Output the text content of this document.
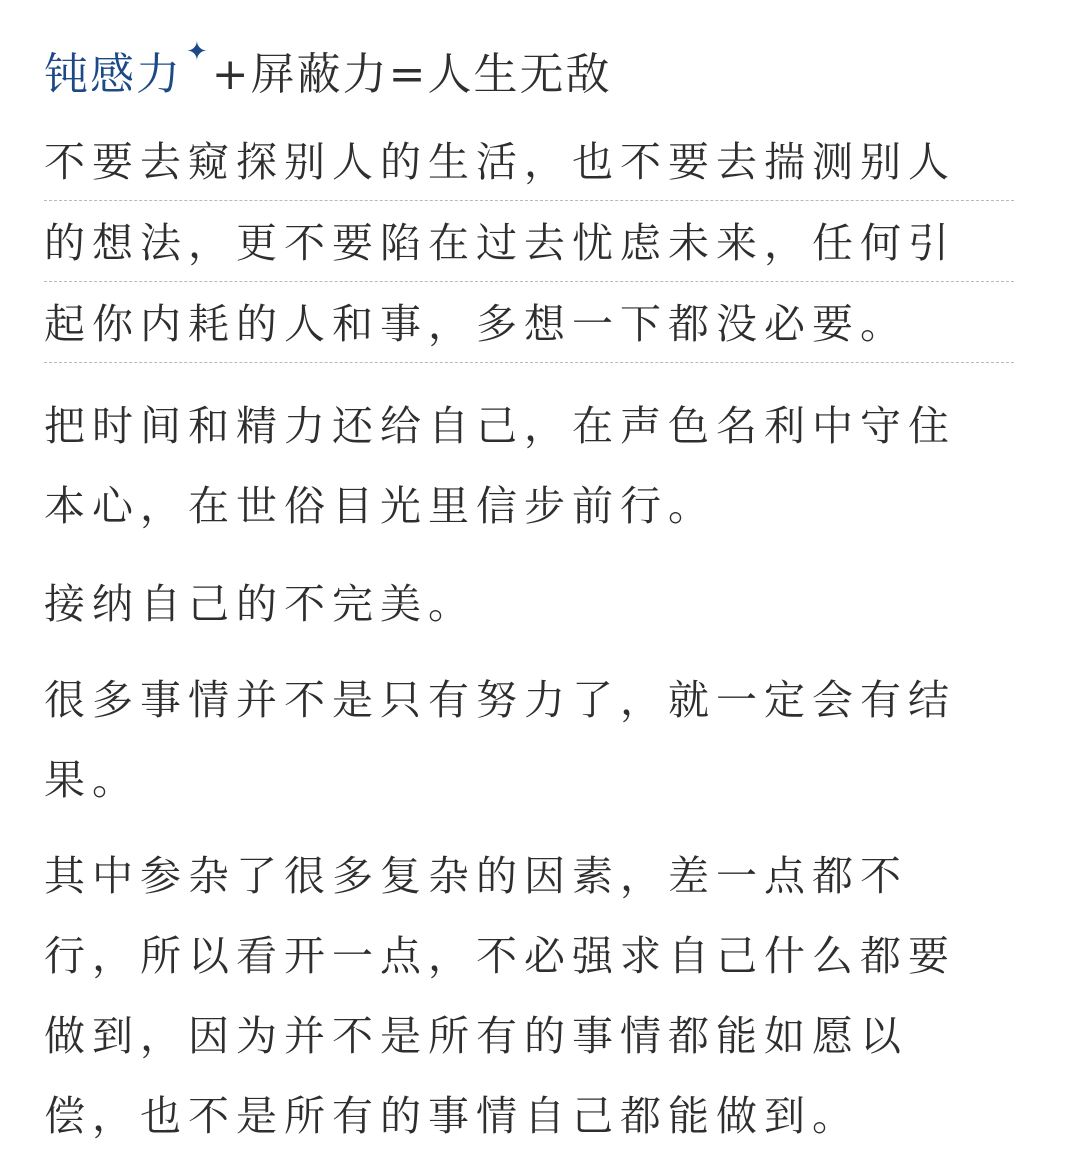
钝感力 ✦ +屏蔽力=人生无敌
不要去窥探别人的生活，也不要去揣测别人
的想法，更不要陷在过去忧虑未来，任何引
起你内耗的人和事，多想一下都没必要。
把时间和精力还给自己，在声色名利中守住
本心，在世俗目光里信步前行。
接纳自己的不完美。
很多事情并不是只有努力了，就一定会有结
果。
其中参杂了很多复杂的因素，差一点都不
行，所以看开一点，不必强求自己什么都要
做到，因为并不是所有的事情都能如愿以
偿，也不是所有的事情自己都能做到。
